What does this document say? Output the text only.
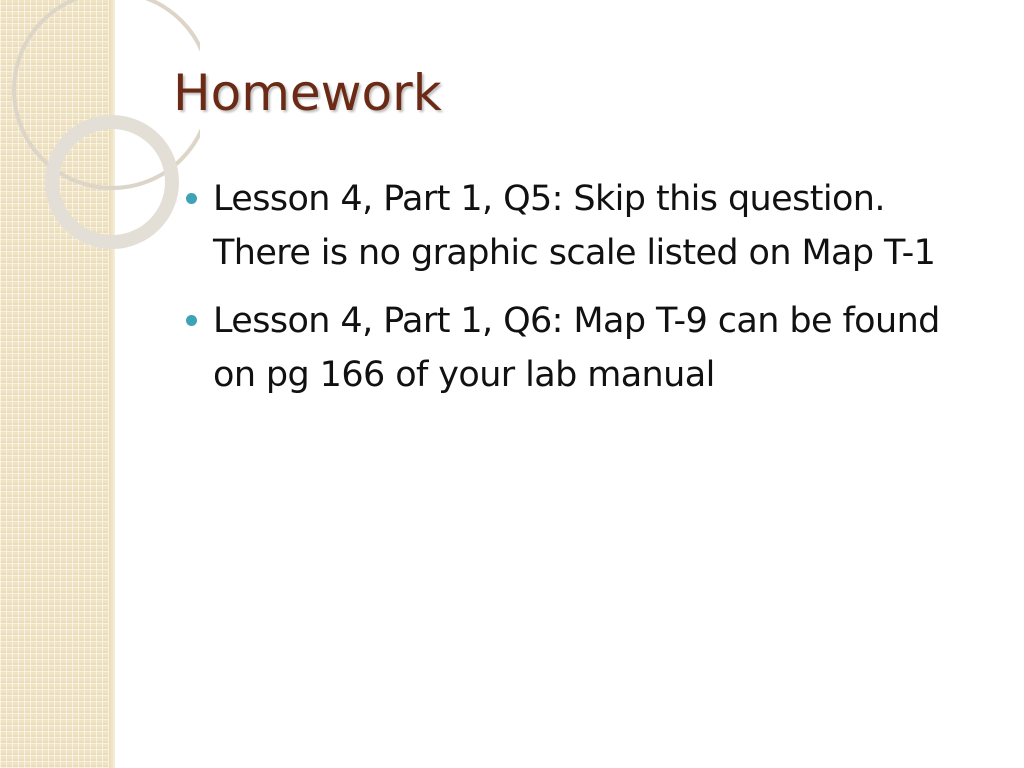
Homework
Lesson 4, Part 1, Q5: Skip this question. There is no graphic scale listed on Map T-1
Lesson 4, Part 1, Q6: Map T-9 can be found on pg 166 of your lab manual
